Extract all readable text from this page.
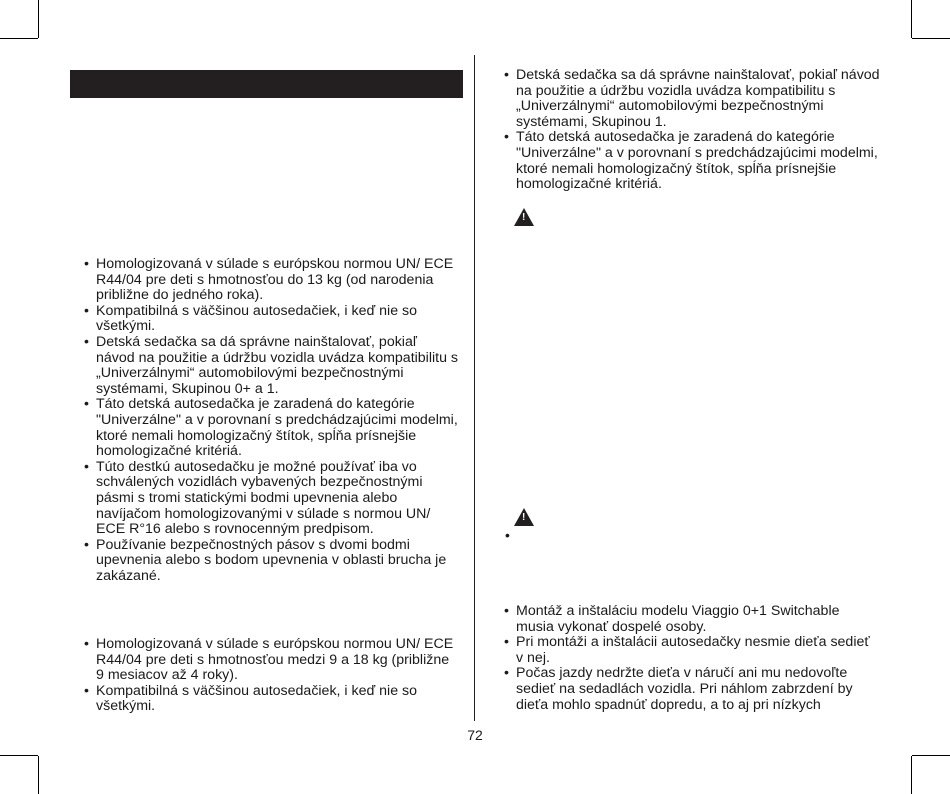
• Homologizovaná v súlade s európskou normou UN/ ECE R44/04 pre deti s hmotnosťou do 13 kg (od narodenia približne do jedného roka).
• Kompatibilná s väčšinou autosedačiek, i keď nie so všetkými.
• Detská sedačka sa dá správne nainštalovať, pokiaľ návod na použitie a údržbu vozidla uvádza kompatibilitu s „Univerzálnymi“ automobilovými bezpečnostnými systémami, Skupinou 0+ a 1.
• Táto detská autosedačka je zaradená do kategórie "Univerzálne" a v porovnaní s predchádzajúcimi modelmi, ktoré nemali homologizačný štítok, spĺňa prísnejšie homologizačné kritériá.
• Túto destkú autosedačku je možné používať iba vo schválených vozidlách vybavených bezpečnostnými pásmi s tromi statickými bodmi upevnenia alebo navíjačom homologizovanými v súlade s normou UN/ ECE R°16 alebo s rovnocenným predpisom.
• Používanie bezpečnostných pásov s dvomi bodmi upevnenia alebo s bodom upevnenia v oblasti brucha je zakázané.
• Homologizovaná v súlade s európskou normou UN/ ECE R44/04 pre deti s hmotnosťou medzi 9 a 18 kg (približne 9 mesiacov až 4 roky).
• Kompatibilná s väčšinou autosedačiek, i keď nie so všetkými.
• Detská sedačka sa dá správne nainštalovať, pokiaľ návod na použitie a údržbu vozidla uvádza kompatibilitu s „Univerzálnymi“ automobilovými bezpečnostnými systémami, Skupinou 1.
• Táto detská autosedačka je zaradená do kategórie "Univerzálne" a v porovnaní s predchádzajúcimi modelmi, ktoré nemali homologizačný štítok, spĺňa prísnejšie homologizačné kritériá.
!
!
•
• Montáž a inštaláciu modelu Viaggio 0+1 Switchable musia vykonať dospelé osoby.
• Pri montáži a inštalácii autosedačky nesmie dieťa sedieť v nej.
• Počas jazdy nedržte dieťa v náručí ani mu nedovoľte sedieť na sedadlách vozidla. Pri náhlom zabrzdení by dieťa mohlo spadnúť dopredu, a to aj pri nízkych
72
